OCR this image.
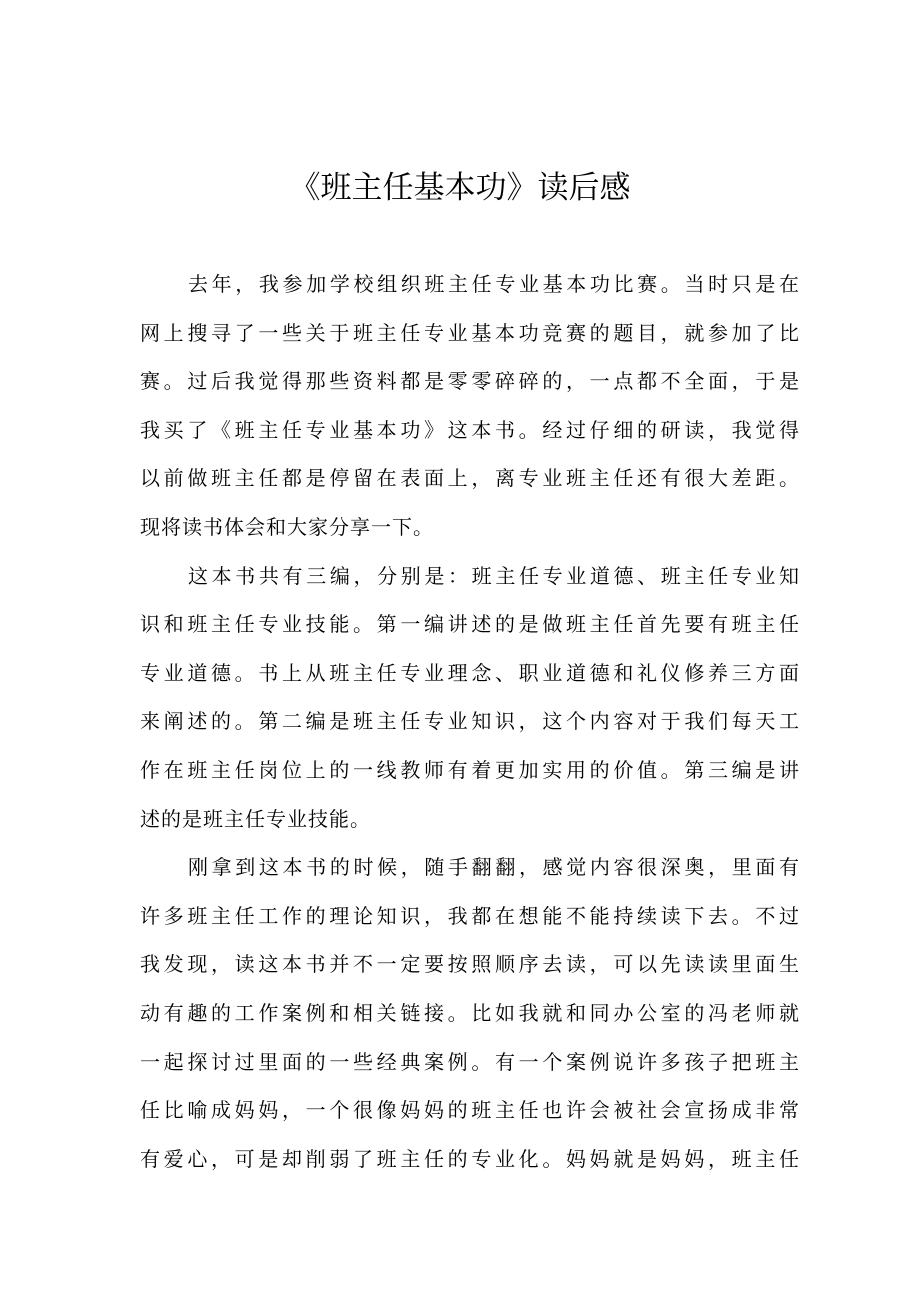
《班主任基本功》读后感
去年，我参加学校组织班主任专业基本功比赛。当时只是在
网上搜寻了一些关于班主任专业基本功竞赛的题目，就参加了比
赛。过后我觉得那些资料都是零零碎碎的，一点都不全面，于是
我买了《班主任专业基本功》这本书。经过仔细的研读，我觉得
以前做班主任都是停留在表面上，离专业班主任还有很大差距。
现将读书体会和大家分享一下。
这本书共有三编，分别是：班主任专业道德、班主任专业知
识和班主任专业技能。第一编讲述的是做班主任首先要有班主任
专业道德。书上从班主任专业理念、职业道德和礼仪修养三方面
来阐述的。第二编是班主任专业知识，这个内容对于我们每天工
作在班主任岗位上的一线教师有着更加实用的价值。第三编是讲
述的是班主任专业技能。
刚拿到这本书的时候，随手翻翻，感觉内容很深奥，里面有
许多班主任工作的理论知识，我都在想能不能持续读下去。不过
我发现，读这本书并不一定要按照顺序去读，可以先读读里面生
动有趣的工作案例和相关链接。比如我就和同办公室的冯老师就
一起探讨过里面的一些经典案例。有一个案例说许多孩子把班主
任比喻成妈妈，一个很像妈妈的班主任也许会被社会宣扬成非常
有爱心，可是却削弱了班主任的专业化。妈妈就是妈妈，班主任
